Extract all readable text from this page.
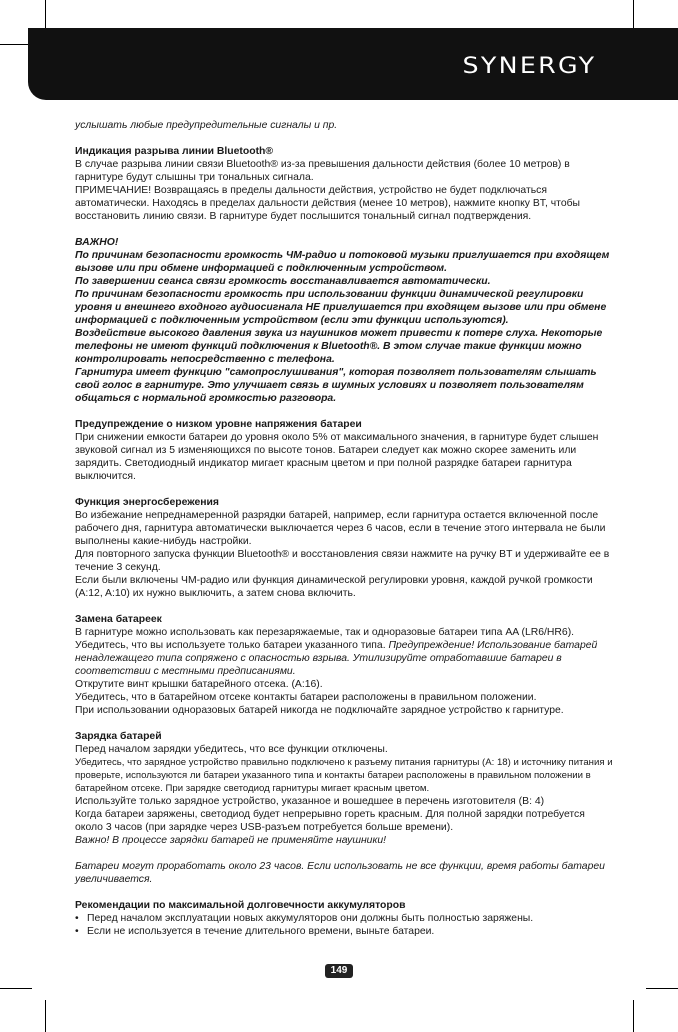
SYNERGY

услышать любые предупредительные сигналы и пр.

Индикация разрыва линии Bluetooth®

В случае разрыва линии связи Bluetooth® из-за превышения дальности действия (более 10 метров) в гарнитуре будут слышны три тональных сигнала.

ПРИМЕЧАНИЕ! Возвращаясь в пределы дальности действия, устройство не будет подключаться автоматически. Находясь в пределах дальности действия (менее 10 метров), нажмите кнопку BT, чтобы восстановить линию связи. В гарнитуре будет послышится тональный сигнал подтверждения.

ВАЖНО!

По причинам безопасности громкость ЧМ-радио и потоковой музыки приглушается при входящем вызове или при обмене информацией с подключенным устройством.

По завершении сеанса связи громкость восстанавливается автоматически.

По причинам безопасности громкость при использовании функции динамической регулировки уровня и внешнего входного аудиосигнала НЕ приглушается при входящем вызове или при обмене информацией с подключенным устройством (если эти функции используются).

Воздействие высокого давления звука из наушников может привести к потере слуха. Некоторые телефоны не имеют функций подключения к Bluetooth®. В этом случае такие функции можно контролировать непосредственно с телефона.

Гарнитура имеет функцию "самопрослушивания", которая позволяет пользователям слышать свой голос в гарнитуре. Это улучшает связь в шумных условиях и позволяет пользователям общаться с нормальной громкостью разговора.

Предупреждение о низком уровне напряжения батареи

При снижении емкости батареи до уровня около 5% от максимального значения, в гарнитуре будет слышен звуковой сигнал из 5 изменяющихся по высоте тонов. Батареи следует как можно скорее заменить или зарядить. Светодиодный индикатор мигает красным цветом и при полной разрядке батареи гарнитура выключится.

Функция энергосбережения

Во избежание непреднамеренной разрядки батарей, например, если гарнитура остается включенной после рабочего дня, гарнитура автоматически выключается через 6 часов, если в течение этого интервала не были выполнены какие-нибудь настройки.

Для повторного запуска функции Bluetooth® и восстановления связи нажмите на ручку BT и удерживайте ее в течение 3 секунд.

Если были включены ЧМ-радио или функция динамической регулировки уровня, каждой ручкой громкости (A:12, A:10) их нужно выключить, а затем снова включить.

Замена батареек

В гарнитуре можно использовать как перезаряжаемые, так и одноразовые батареи типа AA (LR6/HR6).

Убедитесь, что вы используете только батареи указанного типа. Предупреждение! Использование батарей ненадлежащего типа сопряжено с опасностью взрыва. Утилизируйте отработавшие батареи в соответствии с местными предписаниями.

Открутите винт крышки батарейного отсека. (A:16).

Убедитесь, что в батарейном отсеке контакты батареи расположены в правильном положении.

При использовании одноразовых батарей никогда не подключайте зарядное устройство к гарнитуре.

Зарядка батарей

Перед началом зарядки убедитесь, что все функции отключены.

Убедитесь, что зарядное устройство правильно подключено к разъему питания гарнитуры (A: 18) и источнику питания и проверьте, используются ли батареи указанного типа и контакты батареи расположены в правильном положении в батарейном отсеке. При зарядке светодиод гарнитуры мигает красным цветом.

Используйте только зарядное устройство, указанное и вошедшее в перечень изготовителя (B: 4)

Когда батареи заряжены, светодиод будет непрерывно гореть красным. Для полной зарядки потребуется около 3 часов (при зарядке через USB-разъем потребуется больше времени).

Важно! В процессе зарядки батарей не применяйте наушники!

Батареи могут проработать около 23 часов. Если использовать не все функции, время работы батареи увеличивается.

Рекомендации по максимальной долговечности аккумуляторов

• Перед началом эксплуатации новых аккумуляторов они должны быть полностью заряжены.

• Если не используется в течение длительного времени, выньте батареи.

149
